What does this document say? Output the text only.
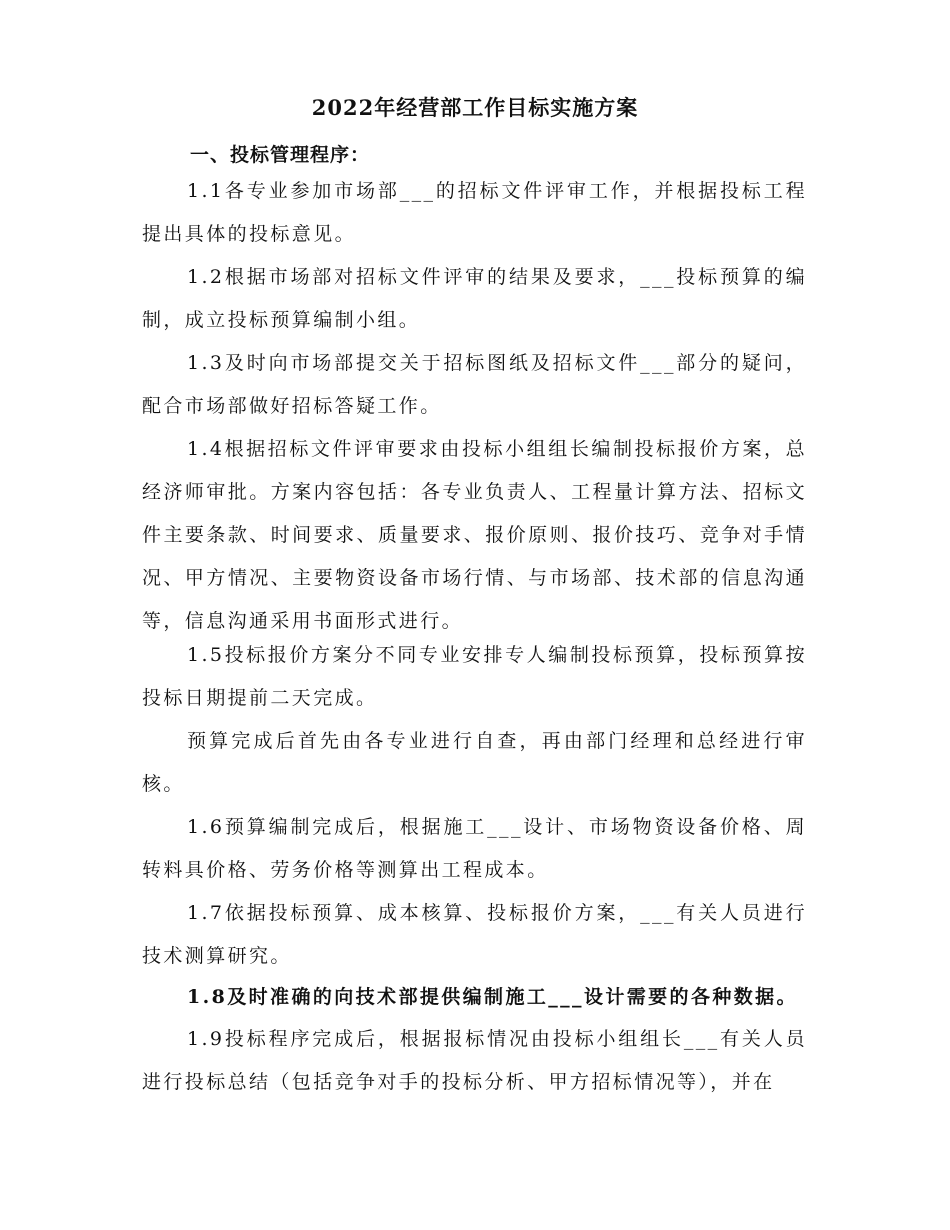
2022年经营部工作目标实施方案
一、投标管理程序：

1.1各专业参加市场部___的招标文件评审工作，并根据投标工程提出具体的投标意见。

1.2根据市场部对招标文件评审的结果及要求，___投标预算的编制，成立投标预算编制小组。

1.3及时向市场部提交关于招标图纸及招标文件___部分的疑问，配合市场部做好招标答疑工作。

1.4根据招标文件评审要求由投标小组组长编制投标报价方案，总经济师审批。方案内容包括：各专业负责人、工程量计算方法、招标文件主要条款、时间要求、质量要求、报价原则、报价技巧、竞争对手情况、甲方情况、主要物资设备市场行情、与市场部、技术部的信息沟通等，信息沟通采用书面形式进行。

1.5投标报价方案分不同专业安排专人编制投标预算，投标预算按投标日期提前二天完成。

预算完成后首先由各专业进行自查，再由部门经理和总经进行审核。

1.6预算编制完成后，根据施工___设计、市场物资设备价格、周转料具价格、劳务价格等测算出工程成本。

1.7依据投标预算、成本核算、投标报价方案，___有关人员进行技术测算研究。

1.8及时准确的向技术部提供编制施工___设计需要的各种数据。

1.9投标程序完成后，根据报标情况由投标小组组长___有关人员进行投标总结（包括竞争对手的投标分析、甲方招标情况等），并在
